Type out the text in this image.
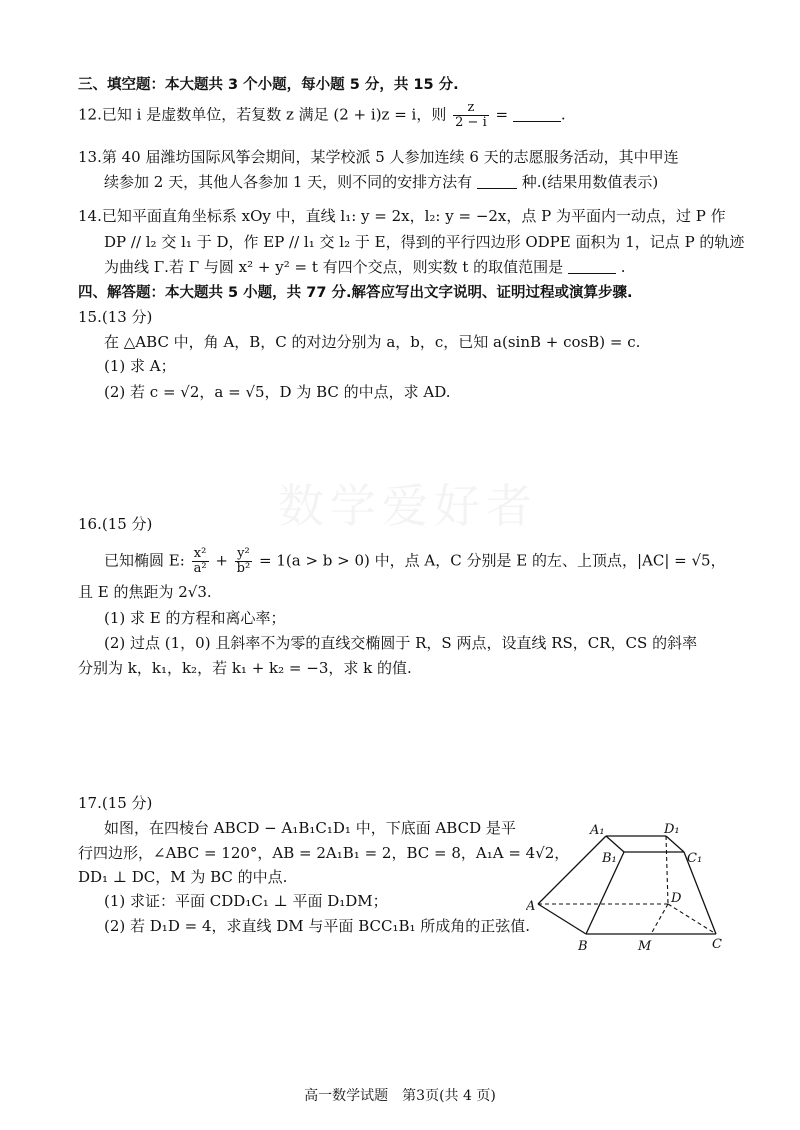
数学爱好者
三、填空题：本大题共 3 个小题，每小题 5 分，共 15 分.
12.已知 i 是虚数单位，若复数 z 满足 (2 + i)z = i，则 $\frac{z}{2 - i}$ =	.
13.第 40 届潍坊国际风筝会期间，某学校派 5 人参加连续 6 天的志愿服务活动，其中甲连
续参加 2 天，其他人各参加 1 天，则不同的安排方法有	种.(结果用数值表示)
14.已知平面直角坐标系 xOy 中，直线 l₁: y = 2x，l₂: y = −2x，点 P 为平面内一动点，过 P 作
DP // l₂ 交 l₁ 于 D，作 EP // l₁ 交 l₂ 于 E，得到的平行四边形 ODPE 面积为 1，记点 P 的轨迹
为曲线 Γ.若 Γ 与圆 x² + y² = t 有四个交点，则实数 t 的取值范围是	.
四、解答题：本大题共 5 小题，共 77 分.解答应写出文字说明、证明过程或演算步骤.
15.(13 分)
在 △ABC 中，角 A，B，C 的对边分别为 a，b，c，已知 a(sinB + cosB) = c.
(1) 求 A；
(2) 若 c = √2，a = √5，D 为 BC 的中点，求 AD.
16.(15 分)
已知椭圆 E: $\frac{\text{x²}}{\text{a²}} + \frac{\text{y²}}{\text{b²}} = 1(a > b > 0)$ 中，点 A，C 分别是 E 的左、上顶点，|AC| = √5，
且 E 的焦距为 2√3.
(1) 求 E 的方程和离心率；
(2) 过点 (1，0) 且斜率不为零的直线交椭圆于 R，S 两点，设直线 RS，CR，CS 的斜率
分别为 k，k₁，k₂，若 k₁ + k₂ = −3，求 k 的值.
17.(15 分)
如图，在四棱台 ABCD − A₁B₁C₁D₁ 中，下底面 ABCD 是平
行四边形，∠ABC = 120°，AB = 2A₁B₁ = 2，BC = 8，A₁A = 4√2，
DD₁ ⊥ DC，M 为 BC 的中点.
(1) 求证：平面 CDD₁C₁ ⊥ 平面 D₁DM；
(2) 若 D₁D = 4，求直线 DM 与平面 BCC₁B₁ 所成角的正弦值.
A₁	D₁
B₁	C₁
A
D
B	M	C
高一数学试题　第3页(共 4 页)
